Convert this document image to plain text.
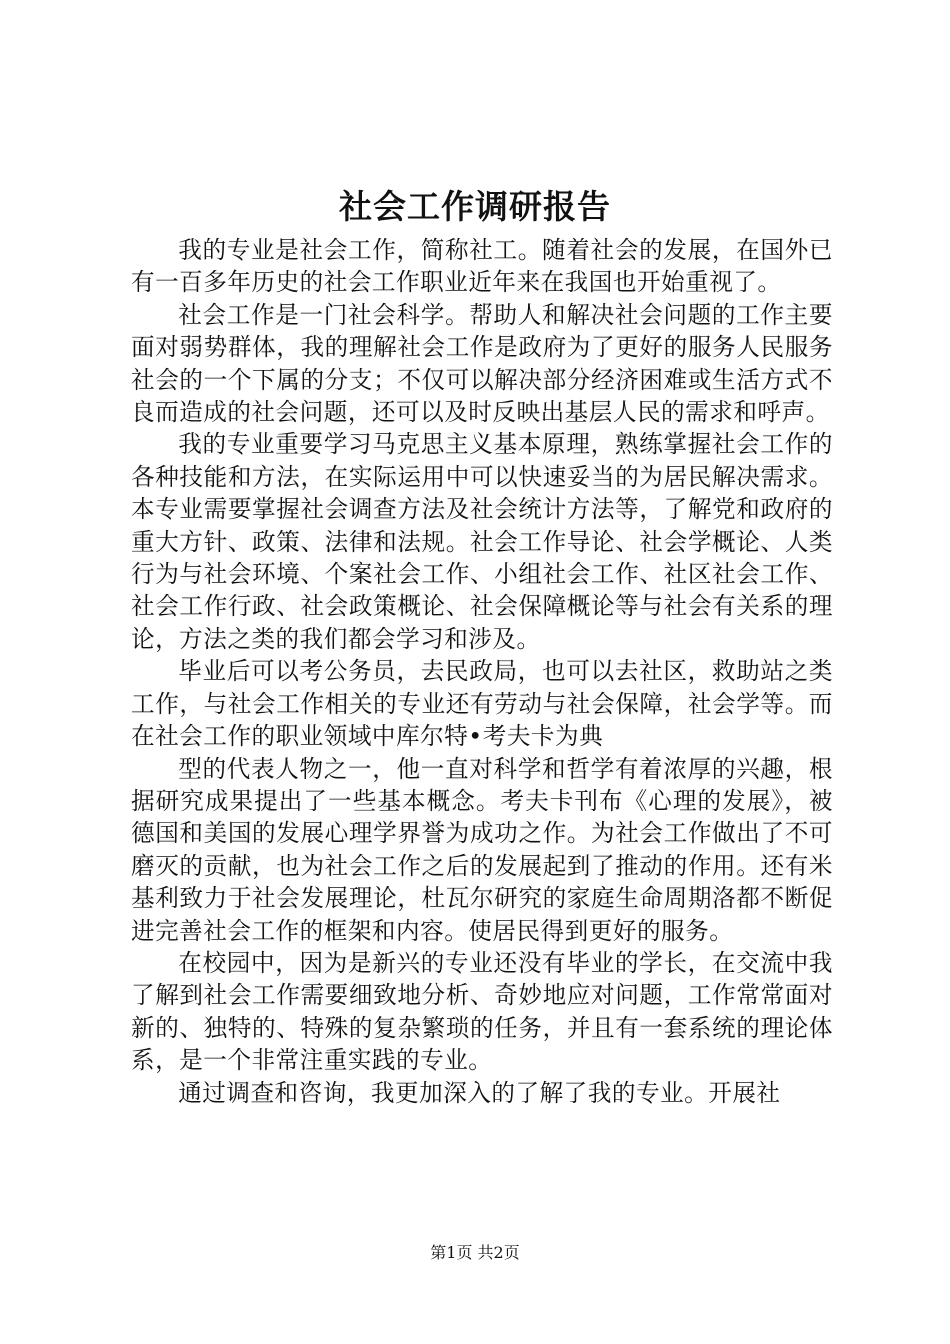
社会工作调研报告

我的专业是社会工作，简称社工。随着社会的发展，在国外已有一百多年历史的社会工作职业近年来在我国也开始重视了。

社会工作是一门社会科学。帮助人和解决社会问题的工作主要面对弱势群体，我的理解社会工作是政府为了更好的服务人民服务社会的一个下属的分支；不仅可以解决部分经济困难或生活方式不良而造成的社会问题，还可以及时反映出基层人民的需求和呼声。

我的专业重要学习马克思主义基本原理，熟练掌握社会工作的各种技能和方法，在实际运用中可以快速妥当的为居民解决需求。本专业需要掌握社会调查方法及社会统计方法等，了解党和政府的重大方针、政策、法律和法规。社会工作导论、社会学概论、人类行为与社会环境、个案社会工作、小组社会工作、社区社会工作、社会工作行政、社会政策概论、社会保障概论等与社会有关系的理论，方法之类的我们都会学习和涉及。

毕业后可以考公务员，去民政局，也可以去社区，救助站之类工作，与社会工作相关的专业还有劳动与社会保障，社会学等。而在社会工作的职业领域中库尔特•考夫卡为典

型的代表人物之一，他一直对科学和哲学有着浓厚的兴趣，根据研究成果提出了一些基本概念。考夫卡刊布《心理的发展》，被德国和美国的发展心理学界誉为成功之作。为社会工作做出了不可磨灭的贡献，也为社会工作之后的发展起到了推动的作用。还有米基利致力于社会发展理论，杜瓦尔研究的家庭生命周期洛都不断促进完善社会工作的框架和内容。使居民得到更好的服务。

在校园中，因为是新兴的专业还没有毕业的学长，在交流中我了解到社会工作需要细致地分析、奇妙地应对问题，工作常常面对新的、独特的、特殊的复杂繁琐的任务，并且有一套系统的理论体系，是一个非常注重实践的专业。

通过调查和咨询，我更加深入的了解了我的专业。开展社

第1页 共2页
